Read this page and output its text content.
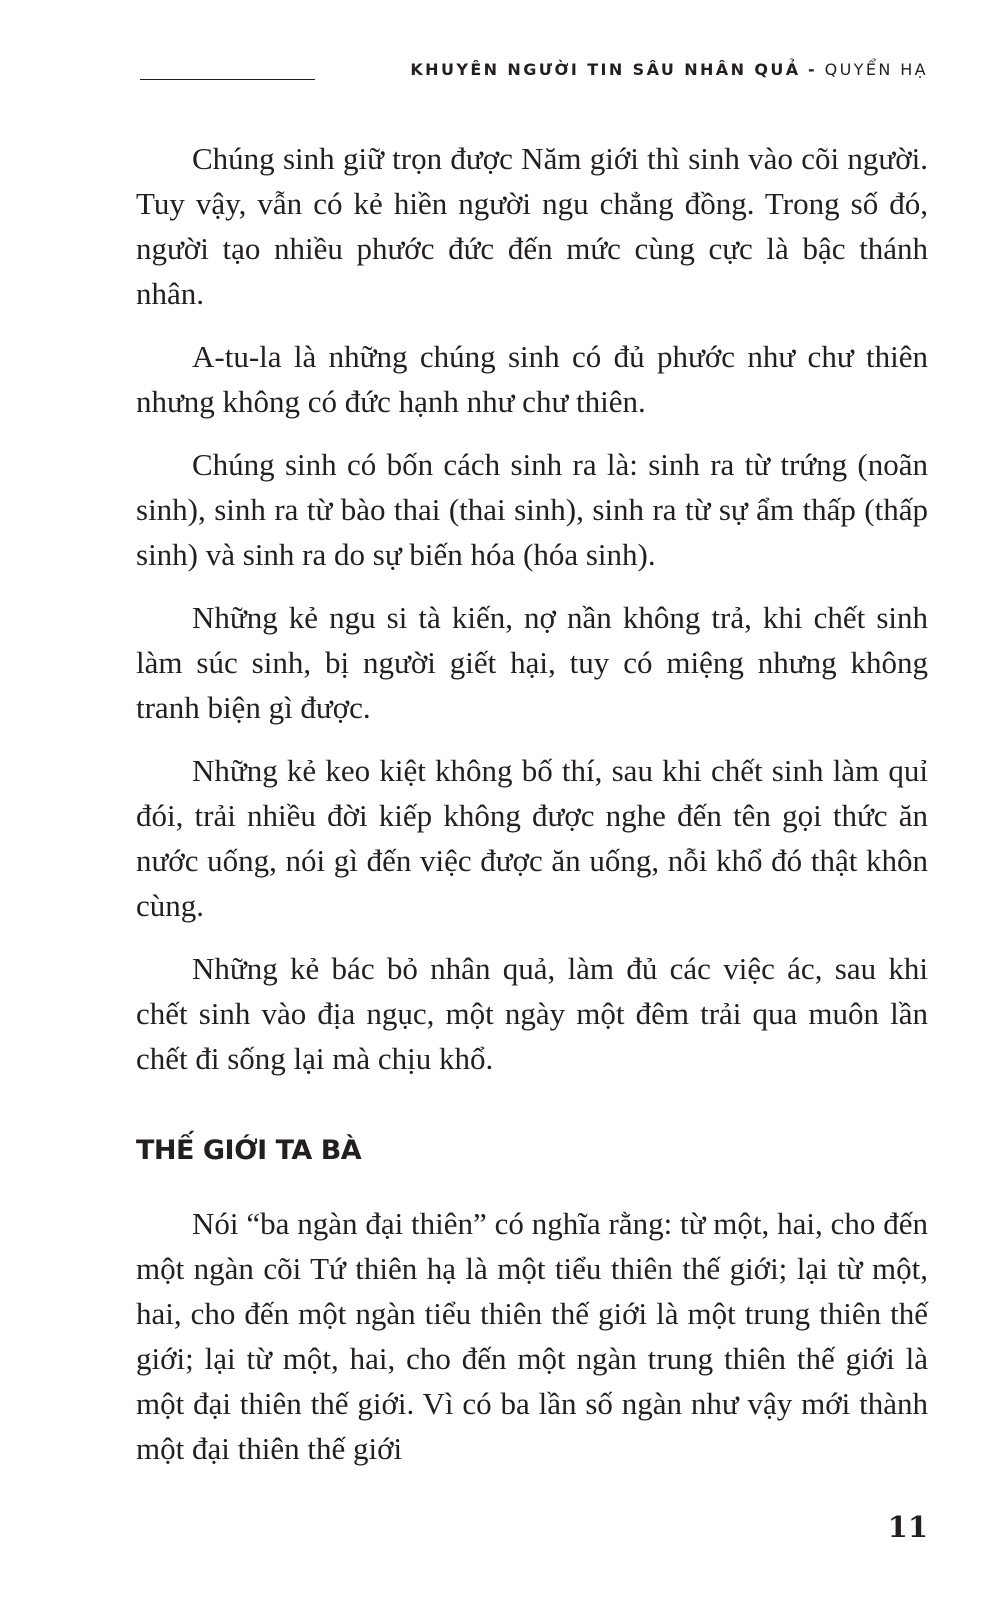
KHUYÊN NGƯỜI TIN SÂU NHÂN QUẢ - QUYỂN HẠ

Chúng sinh giữ trọn được Năm giới thì sinh vào cõi người. Tuy vậy, vẫn có kẻ hiền người ngu chẳng đồng. Trong số đó, người tạo nhiều phước đức đến mức cùng cực là bậc thánh nhân.

A-tu-la là những chúng sinh có đủ phước như chư thiên nhưng không có đức hạnh như chư thiên.

Chúng sinh có bốn cách sinh ra là: sinh ra từ trứng (noãn sinh), sinh ra từ bào thai (thai sinh), sinh ra từ sự ẩm thấp (thấp sinh) và sinh ra do sự biến hóa (hóa sinh).

Những kẻ ngu si tà kiến, nợ nần không trả, khi chết sinh làm súc sinh, bị người giết hại, tuy có miệng nhưng không tranh biện gì được.

Những kẻ keo kiệt không bố thí, sau khi chết sinh làm quỉ đói, trải nhiều đời kiếp không được nghe đến tên gọi thức ăn nước uống, nói gì đến việc được ăn uống, nỗi khổ đó thật khôn cùng.

Những kẻ bác bỏ nhân quả, làm đủ các việc ác, sau khi chết sinh vào địa ngục, một ngày một đêm trải qua muôn lần chết đi sống lại mà chịu khổ.

THẾ GIỚI TA BÀ

Nói “ba ngàn đại thiên” có nghĩa rằng: từ một, hai, cho đến một ngàn cõi Tứ thiên hạ là một tiểu thiên thế giới; lại từ một, hai, cho đến một ngàn tiểu thiên thế giới là một trung thiên thế giới; lại từ một, hai, cho đến một ngàn trung thiên thế giới là một đại thiên thế giới. Vì có ba lần số ngàn như vậy mới thành một đại thiên thế giới

11
